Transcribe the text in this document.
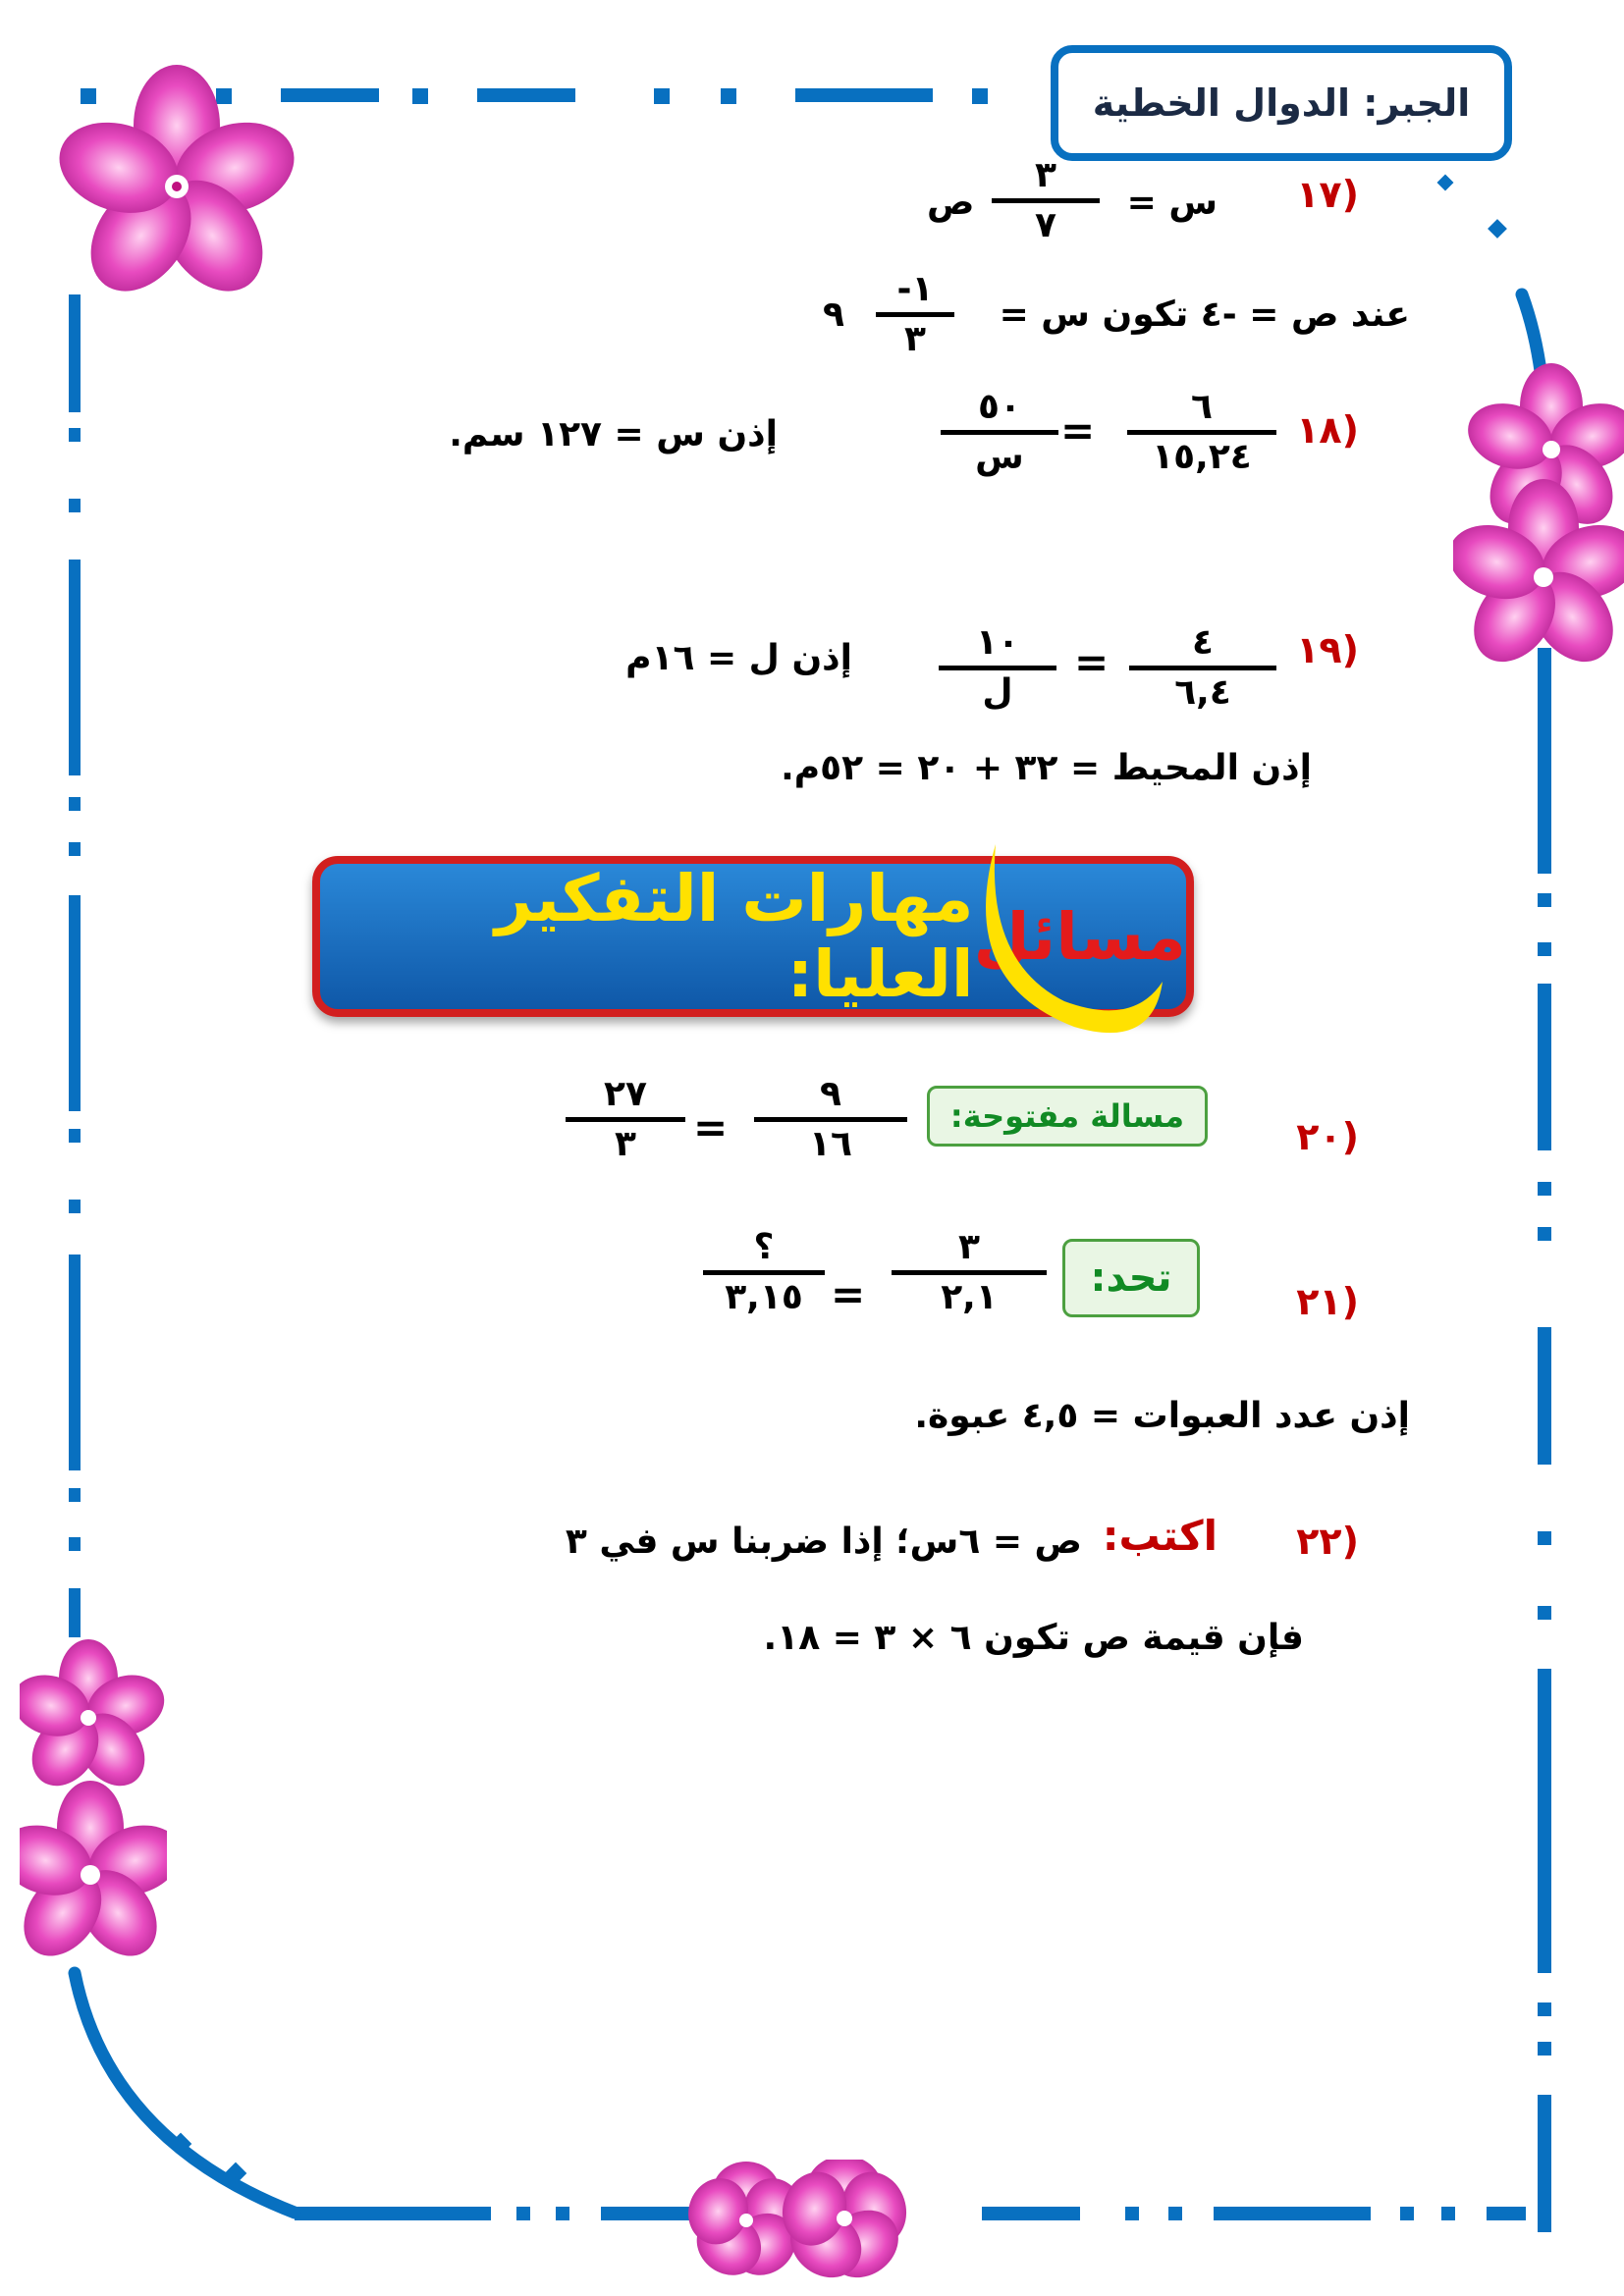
الجبر: الدوال الخطية
(١٧
س =
٣
٧
ص
عند ص = -٤ تكون س =
-١
٣
٩
(١٨
٦
١٥,٢٤
=
٥٠
س
إذن س = ١٢٧ سم.
(١٩
٤
٦,٤
=
١٠
ل
إذن ل = ١٦م
إذن المحيط = ٣٢ + ٢٠ = ٥٢م.
مسائل
مهارات التفكير العليا:
(٢٠
مسالة مفتوحة:
٩
١٦
=
٢٧
٣
(٢١
تحد:
٣
٢,١
=
؟
٣,١٥
إذن عدد العبوات = ٤,٥ عبوة.
(٢٢
اكتب:
ص = ٦س؛ إذا ضربنا س في ٣
فإن قيمة ص تكون ٦ × ٣ = ١٨.
